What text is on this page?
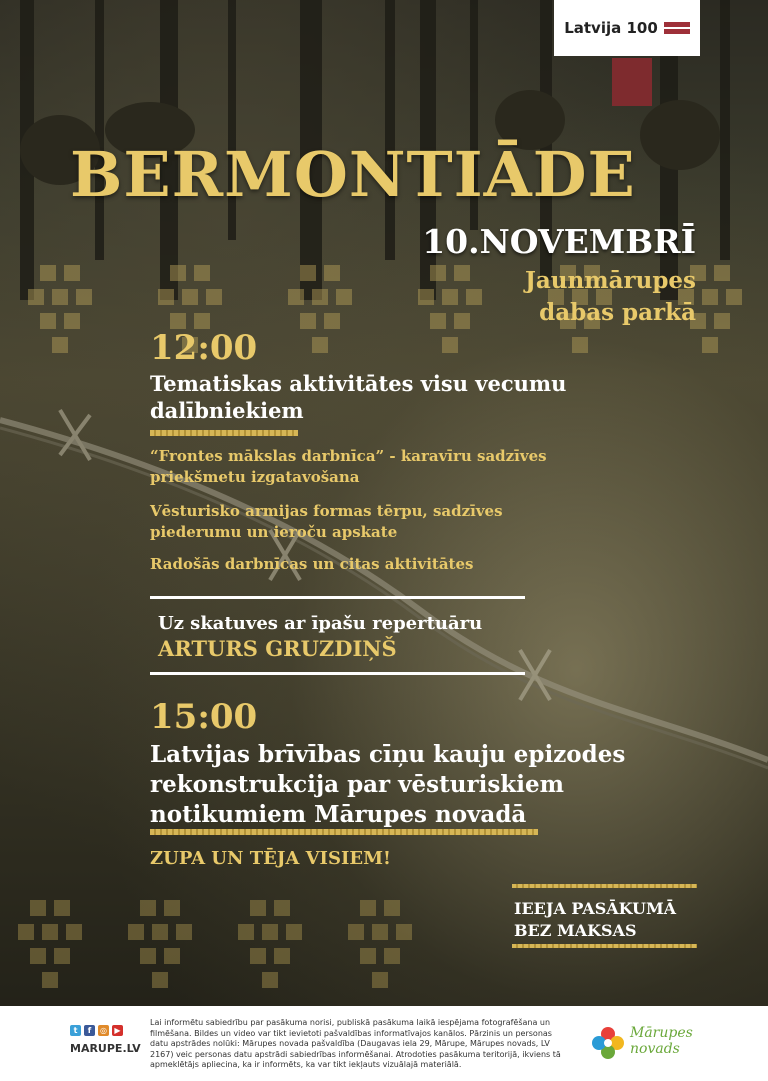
Latvija 100
BERMONTIĀDE
10.NOVEMBRĪ
Jaunmārupes
dabas parkā
12:00
Tematiskas aktivitātes visu vecumu dalībniekiem
“Frontes mākslas darbnīca” - karavīru sadzīves priekšmetu izgatavošana
Vēsturisko armijas formas tērpu, sadzīves piederumu un ieroču apskate
Radošās darbnīcas un citas aktivitātes
Uz skatuves ar īpašu repertuāru
ARTURS GRUZDIŅŠ
15:00
Latvijas brīvības cīņu kauju epizodes rekonstrukcija par vēsturiskiem notikumiem Mārupes novadā
ZUPA UN TĒJA VISIEM!
IEEJA PASĀKUMĀ
BEZ MAKSAS
t	f	◎ ▶
MARUPE.LV
Lai informētu sabiedrību par pasākuma norisi, publiskā pasākuma laikā iespējama fotografēšana un filmēšana. Bildes un video var tikt ievietoti pašvaldības informatīvajos kanālos. Pārzinis un personas datu apstrādes nolūki: Mārupes novada pašvaldība (Daugavas iela 29, Mārupe, Mārupes novads, LV 2167) veic personas datu apstrādi sabiedrības informēšanai. Atrodoties pasākuma teritorijā, ikviens tā apmeklētājs apliecina, ka ir informēts, ka var tikt iekļauts vizuālajā materiālā.
Mārupes
novads
